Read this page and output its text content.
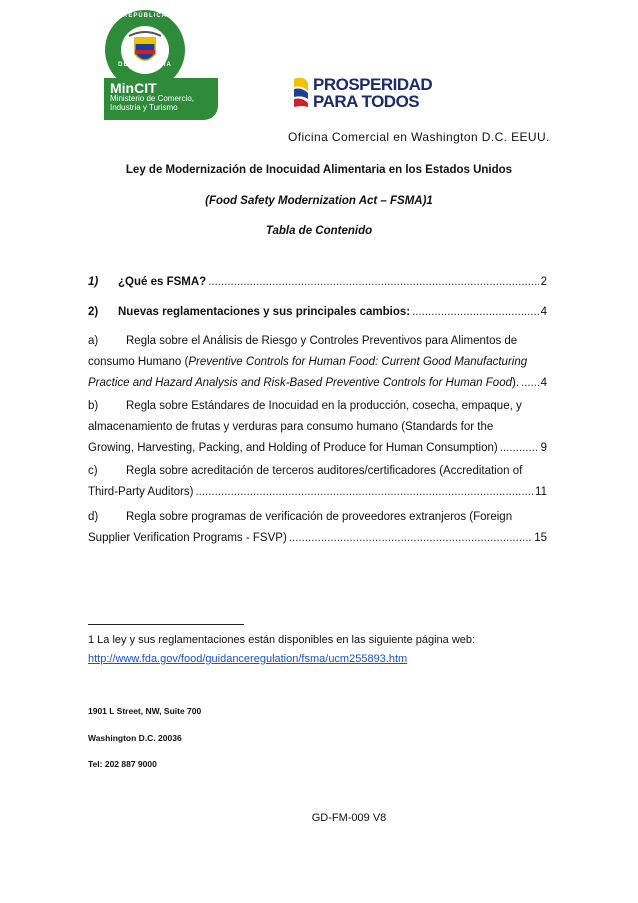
REPÚBLICA
DE COLOMBIA
MinCIT
Ministerio de Comercio, Industria y Turismo
PROSPERIDAD
PARA TODOS
Oficina Comercial en Washington D.C. EEUU.
Ley de Modernización de Inocuidad Alimentaria en los Estados Unidos
(Food Safety Modernization Act – FSMA)1
Tabla de Contenido
1)	¿Qué es FSMA? .....	2
2)	Nuevas reglamentaciones y sus principales cambios: .....	4
a) Regla sobre el Análisis de Riesgo y Controles Preventivos para Alimentos de
consumo Humano (Preventive Controls for Human Food: Current Good Manufacturing
Practice and Hazard Analysis and Risk-Based Preventive Controls for Human Food ). ..... 4
b) Regla sobre Estándares de Inocuidad en la producción, cosecha, empaque, y
almacenamiento de frutas y verduras para consumo humano (Standards for the
Growing, Harvesting, Packing, and Holding of Produce for Human Consumption) .....	9
c) Regla sobre acreditación de terceros auditores/certificadores (Accreditation of
Third-Party Auditors) .....	11
d) Regla sobre programas de verificación de proveedores extranjeros (Foreign
Supplier Verification Programs - FSVP) .....	15
1 La ley y sus reglamentaciones están disponibles en las siguiente página web:
http://www.fda.gov/food/guidanceregulation/fsma/ucm255893.htm
1901 L Street, NW, Suite 700
Washington D.C. 20036
Tel: 202 887 9000
GD-FM-009 V8
